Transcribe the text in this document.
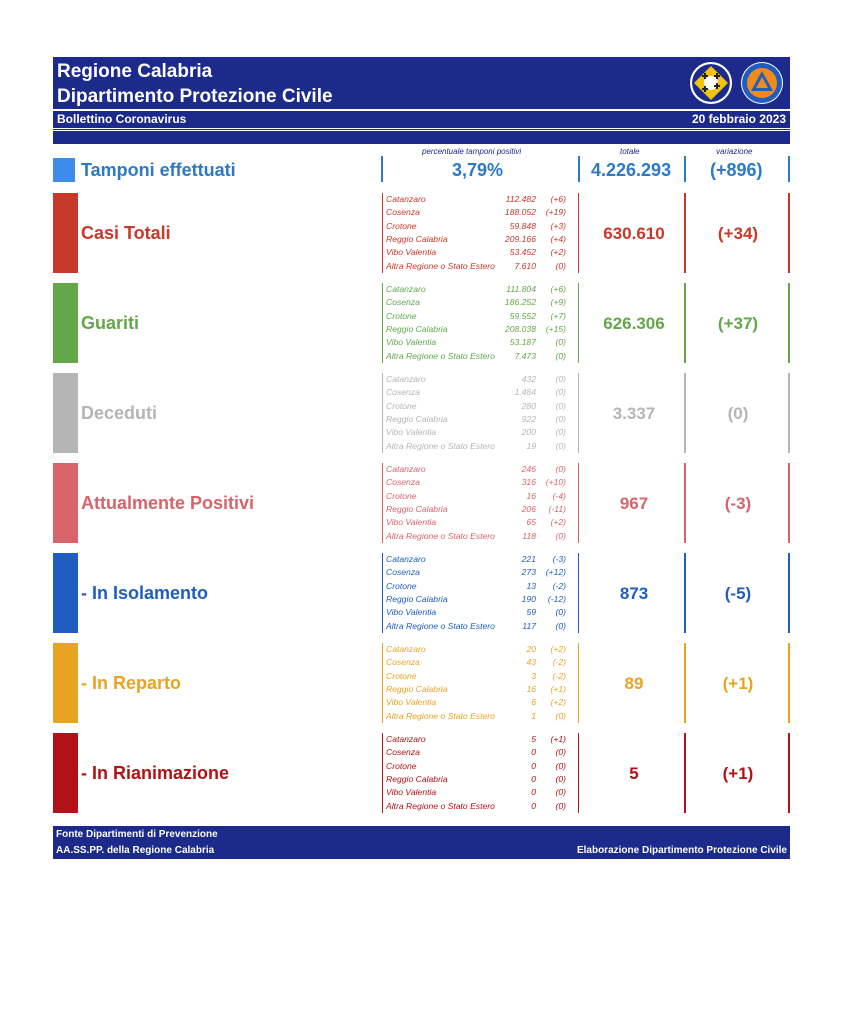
Regione Calabria
Dipartimento Protezione Civile
Bollettino Coronavirus	20 febbraio 2023
percentuale tamponi positivi	totale	variazione
Tamponi effettuati	3,79%	4.226.293 (+896)
Casi Totali
Catanzaro	112.482 (+6)
Cosenza	188.052 (+19)
Crotone	59.848 (+3)
Reggio Calabria	209.166 (+4)
Vibo Valentia	53.452 (+2)
Altra Regione o Stato Estero 7.610 (0)
630.610	(+34)
Guariti
Catanzaro	111.804 (+6)
Cosenza	186.252 (+9)
Crotone	59.552 (+7)
Reggio Calabria	208.038 (+15)
Vibo Valentia	53.187 (0)
Altra Regione o Stato Estero 7.473 (0)
626.306	(+37)
Deceduti
Catanzaro	432 (0)
Cosenza	1.484 (0)
Crotone	280 (0)
Reggio Calabria	922 (0)
Vibo Valentia	200 (0)
Altra Regione o Stato Estero	19 (0)
3.337	(0)
Attualmente Positivi
Catanzaro	246 (0)
Cosenza	316 (+10)
Crotone	16 (-4)
Reggio Calabria	206 (-11)
Vibo Valentia	65 (+2)
Altra Regione o Stato Estero	118 (0)
967	(-3)
- In Isolamento
Catanzaro	221 (-3)
Cosenza	273 (+12)
Crotone	13 (-2)
Reggio Calabria	190 (-12)
Vibo Valentia	59 (0)
Altra Regione o Stato Estero	117 (0)
873	(-5)
- In Reparto
Catanzaro	20 (+2)
Cosenza	43 (-2)
Crotone	3 (-2)
Reggio Calabria	16 (+1)
Vibo Valentia	6 (+2)
Altra Regione o Stato Estero	1 (0)
89	(+1)
- In Rianimazione
Catanzaro	5 (+1)
Cosenza	0 (0)
Crotone	0 (0)
Reggio Calabria	0 (0)
Vibo Valentia	0 (0)
Altra Regione o Stato Estero	0 (0)
5	(+1)
Fonte Dipartimenti di Prevenzione
AA.SS.PP. della Regione Calabria	Elaborazione Dipartimento Protezione Civile
